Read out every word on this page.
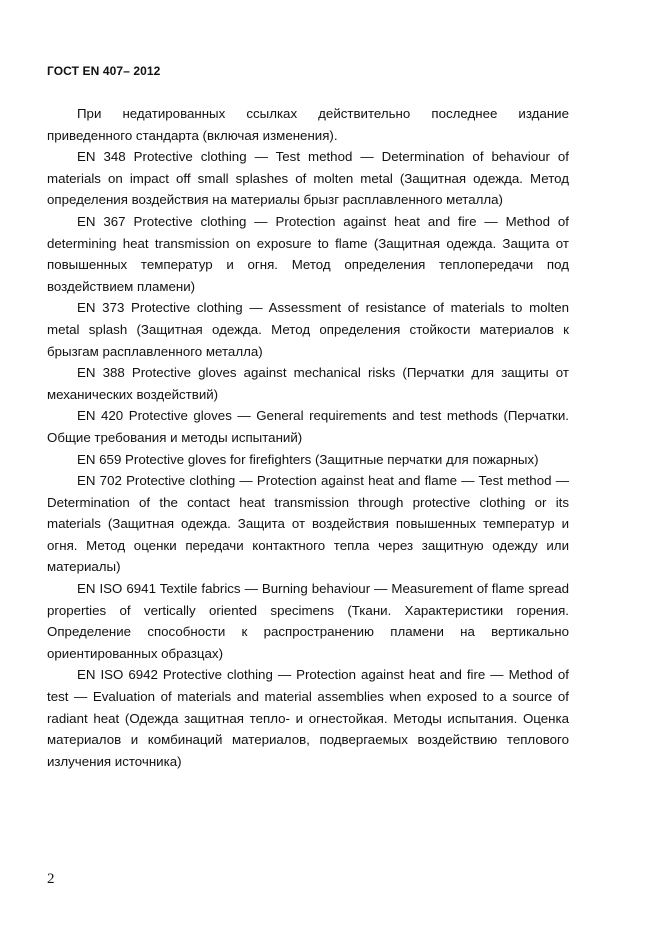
ГОСТ EN 407– 2012

При недатированных ссылках действительно последнее издание приведенного стандарта (включая изменения).

EN 348 Protective clothing — Test method — Determination of behaviour of materials on impact off small splashes of molten metal (Защитная одежда. Метод определения воздействия на материалы брызг расплавленного металла)

EN 367 Protective clothing — Protection against heat and fire — Method of determining heat transmission on exposure to flame (Защитная одежда. Защита от повышенных температур и огня. Метод определения теплопередачи под воздействием пламени)

EN 373 Protective clothing — Assessment of resistance of materials to molten metal splash (Защитная одежда. Метод определения стойкости материалов к брызгам расплавленного металла)

EN 388 Protective gloves against mechanical risks (Перчатки для защиты от механических воздействий)

EN 420 Protective gloves — General requirements and test methods (Перчатки. Общие требования и методы испытаний)

EN 659 Protective gloves for firefighters (Защитные перчатки для пожарных)

EN 702 Protective clothing — Protection against heat and flame — Test method — Determination of the contact heat transmission through protective clothing or its materials (Защитная одежда. Защита от воздействия повышенных температур и огня. Метод оценки передачи контактного тепла через защитную одежду или материалы)

EN ISO 6941 Textile fabrics — Burning behaviour — Measurement of flame spread properties of vertically oriented specimens (Ткани. Характеристики горения. Определение способности к распространению пламени на вертикально ориентированных образцах)

EN ISO 6942 Protective clothing — Protection against heat and fire — Method of test — Evaluation of materials and material assemblies when exposed to a source of radiant heat (Одежда защитная тепло- и огнестойкая. Методы испытания. Оценка материалов и комбинаций материалов, подвергаемых воздействию теплового излучения источника)

2
